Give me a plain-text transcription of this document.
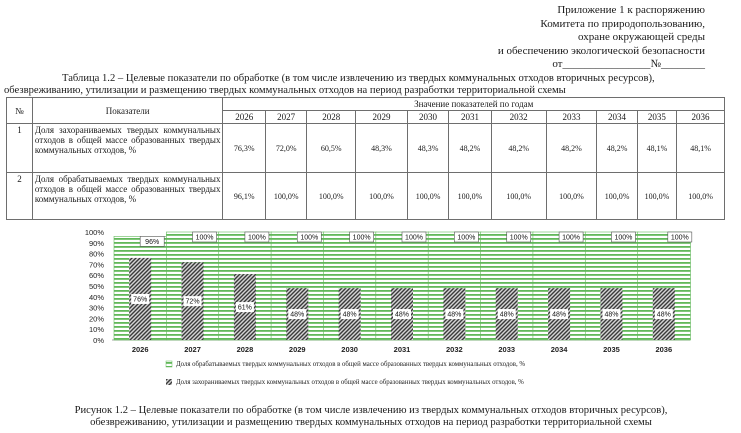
Приложение 1 к распоряжению
Комитета по природопользованию,
охране окружающей среды
и обеспечению экологической безопасности
от________________№________
Таблица 1.2 – Целевые показатели по обработке (в том числе извлечению из твердых коммунальных отходов вторичных ресурсов),
обезвреживанию, утилизации и размещению твердых коммунальных отходов на период разработки территориальной схемы
№	Показатели	Значение показателей по годам										
		2026	2027	2028	2029	2030	2031	2032	2033	2034	2035	2036
1	Доля захораниваемых твердых коммунальных отходов в общей массе образованных твердых коммунальных отходов, %	76,3%	72,0%	60,5%	48,3%	48,3%	48,2%	48,2%	48,2%	48,2%	48,1%	48,1%
2	Доля обрабатываемых твердых коммунальных отходов в общей массе образованных твердых коммунальных отходов, %	96,1%	100,0%	100,0%	100,0%	100,0%	100,0%	100,0%	100,0%	100,0%	100,0%	100,0%
0%
10%
20%
30%
40%
50%
60%
70%
80%
90%
100%
2026	2027	2028	2029	2030	2031	2032	2033	2034	2035	2036
96%
76%
100%
72%
100%
61%
100%
48%
100%
48%
100%
48%
100%
48%
100%
48%
100%
48%
100%
48%
100%
48%
Доля обрабатываемых твердых коммунальных отходов в общей массе образованных твердых коммунальных отходов, %
Доля захораниваемых твердых коммунальных отходов в общей массе образованных твердых коммунальных отходов, %
Рисунок 1.2 – Целевые показатели по обработке (в том числе извлечению из твердых коммунальных отходов вторичных ресурсов),
обезвреживанию, утилизации и размещению твердых коммунальных отходов на период разработки территориальной схемы
